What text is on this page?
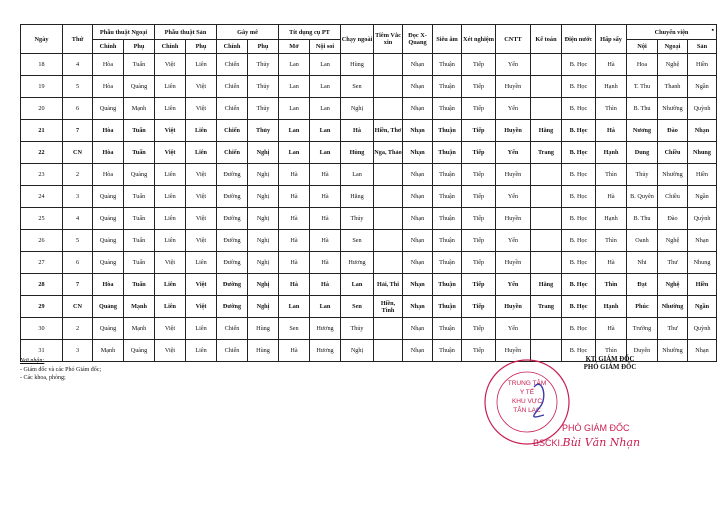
Ngày	Thứ	Phẫu thuật Ngoại		Phẫu thuật Sản		Gây mê		Tít dụng cụ PT		Chạy ngoài	Tiêm Vắc xin	Đọc X-Quang	Siêu âm	Xét nghiệm	CNTT	Kế toán	Điện nước	Hấp sấy	Chuyển viện		
		Chính	Phụ	Chính	Phụ	Chính	Phụ	Mở	Nội soi										Nội	Ngoại	Sản
18	4	Hòa	Tuấn	Việt	Liên	Chiến	Thủy	Lan	Lan	Hùng		Nhạn	Thuận	Tiếp	Yến		B. Học	Hà	Hoa	Nghệ	Hiền
19	5	Hòa	Quảng	Liên	Việt	Chiến	Thủy	Lan	Lan	Sen		Nhạn	Thuận	Tiếp	Huyền		B. Học	Hạnh	T. Thu	Thanh	Ngần
20	6	Quảng	Mạnh	Liên	Việt	Chiến	Thủy	Lan	Lan	Nghị		Nhạn	Thuận	Tiếp	Yến		B. Học	Thìn	B. Thu	Nhường	Quỳnh
21	7	Hòa	Tuấn	Việt	Liên	Chiến	Thủy	Lan	Lan	Hà	Hiền, Thơ	Nhạn	Thuận	Tiếp	Huyền	Hằng	B. Học	Hà	Nương	Đào	Nhạn
22	CN	Hòa	Tuấn	Việt	Liên	Chiến	Nghị	Lan	Lan	Hùng	Nga, Thảo	Nhạn	Thuận	Tiếp	Yến	Trang	B. Học	Hạnh	Dung	Chiều	Nhung
23	2	Hòa	Quảng	Liên	Việt	Đường	Nghị	Hà	Hà	Lan		Nhạn	Thuận	Tiếp	Huyền		B. Học	Thìn	Thủy	Nhường	Hiền
24	3	Quảng	Tuấn	Liên	Việt	Đường	Nghị	Hà	Hà	Hằng		Nhạn	Thuận	Tiếp	Yến		B. Học	Hà	B. Quyên	Chiều	Ngần
25	4	Quảng	Tuấn	Liên	Việt	Đường	Nghị	Hà	Hà	Thủy		Nhạn	Thuận	Tiếp	Huyền		B. Học	Hạnh	B. Thu	Đào	Quỳnh
26	5	Quảng	Tuấn	Liên	Việt	Đường	Nghị	Hà	Hà	Sen		Nhạn	Thuận	Tiếp	Yến		B. Học	Thìn	Oanh	Nghệ	Nhạn
27	6	Quảng	Tuấn	Việt	Liên	Đường	Nghị	Hà	Hà	Hương		Nhạn	Thuận	Tiếp	Huyền		B. Học	Hà	Nhi	Thư	Nhung
28	7	Hòa	Tuấn	Liên	Việt	Đường	Nghị	Hà	Hà	Lan	Hải, Thi	Nhạn	Thuận	Tiếp	Yến	Hằng	B. Học	Thìn	Đạt	Nghệ	Hiền
29	CN	Quảng	Mạnh	Liên	Việt	Đường	Nghị	Lan	Lan	Sen	Hiền, Tình	Nhạn	Thuận	Tiếp	Huyền	Trang	B. Học	Hạnh	Phúc	Nhường	Ngần
30	2	Quảng	Mạnh	Việt	Liên	Chiến	Hùng	Sen	Hương	Thủy		Nhạn	Thuận	Tiếp	Yến		B. Học	Hà	Trường	Thư	Quỳnh
31	3	Mạnh	Quảng	Việt	Liên	Chiến	Hùng	Hà	Hương	Nghị		Nhạn	Thuận	Tiếp	Huyền		B. Học	Thìn	Duyên	Nhường	Nhạn
▪
Nơi nhận:
- Giám đốc và các Phó Giám đốc;
- Các khoa, phòng;
KT. GIÁM ĐỐC
PHÓ GIÁM ĐỐC
TRUNG TÂM
Y TẾ
KHU VỰC
TÂN LẠC
PHÓ GIÁM ĐỐC
BSCKI.Bùi Văn Nhạn
